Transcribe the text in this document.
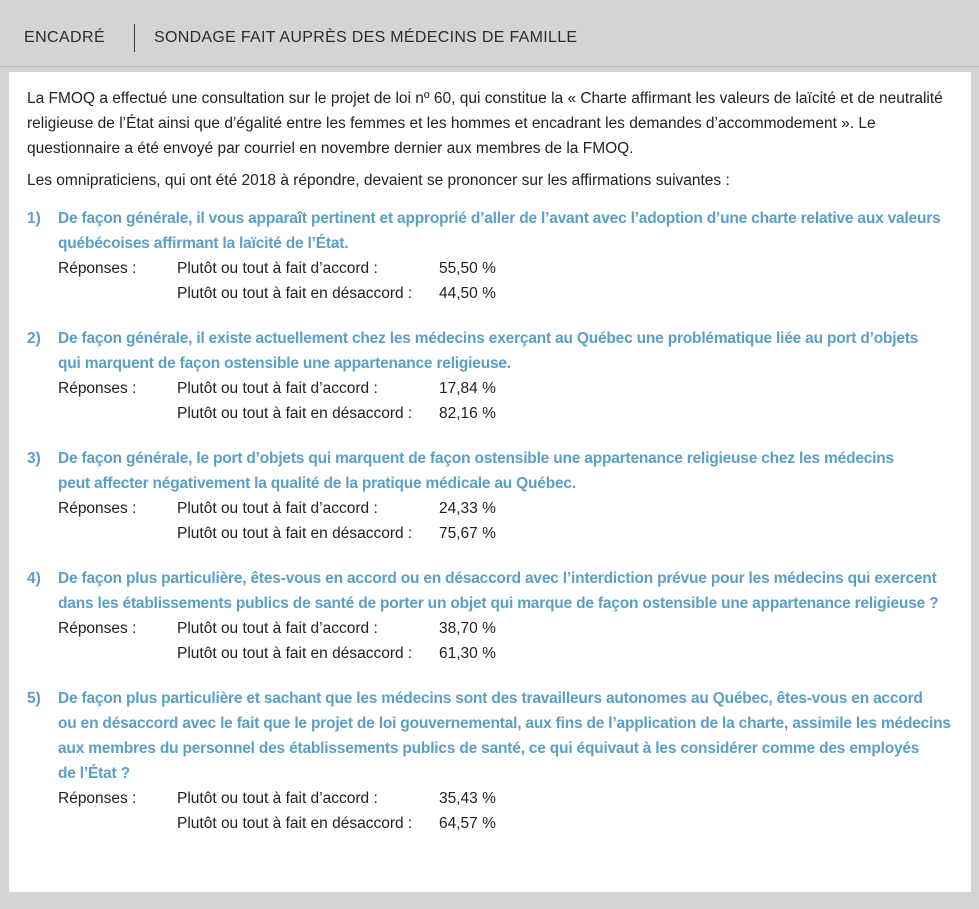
ENCADRÉ	SONDAGE FAIT AUPRÈS DES MÉDECINS DE FAMILLE

La FMOQ a effectué une consultation sur le projet de loi nº 60, qui constitue la « Charte affirmant les valeurs de laïcité et de neutralité religieuse de l’État ainsi que d’égalité entre les femmes et les hommes et encadrant les demandes d’accommodement ». Le questionnaire a été envoyé par courriel en novembre dernier aux membres de la FMOQ.

Les omnipraticiens, qui ont été 2018 à répondre, devaient se prononcer sur les affirmations suivantes :

1)	De façon générale, il vous apparaît pertinent et approprié d’aller de l’avant avec l’adoption d’une charte relative aux valeurs
québécoises affirmant la laïcité de l’État.
Réponses :	Plutôt ou tout à fait d’accord :	55,50 %
Plutôt ou tout à fait en désaccord : 44,50 %
2)	De façon générale, il existe actuellement chez les médecins exerçant au Québec une problématique liée au port d’objets
qui marquent de façon ostensible une appartenance religieuse.
Réponses :	Plutôt ou tout à fait d’accord :	17,84 %
Plutôt ou tout à fait en désaccord : 82,16 %
3)	De façon générale, le port d’objets qui marquent de façon ostensible une appartenance religieuse chez les médecins
peut affecter négativement la qualité de la pratique médicale au Québec.
Réponses :	Plutôt ou tout à fait d’accord :	24,33 %
Plutôt ou tout à fait en désaccord : 75,67 %
4)	De façon plus particulière, êtes-vous en accord ou en désaccord avec l’interdiction prévue pour les médecins qui exercent
dans les établissements publics de santé de porter un objet qui marque de façon ostensible une appartenance religieuse ?
Réponses :	Plutôt ou tout à fait d’accord :	38,70 %
Plutôt ou tout à fait en désaccord : 61,30 %
5)	De façon plus particulière et sachant que les médecins sont des travailleurs autonomes au Québec, êtes-vous en accord
ou en désaccord avec le fait que le projet de loi gouvernemental, aux fins de l’application de la charte, assimile les médecins
aux membres du personnel des établissements publics de santé, ce qui équivaut à les considérer comme des employés
de l’État ?
Réponses :	Plutôt ou tout à fait d’accord :	35,43 %
Plutôt ou tout à fait en désaccord : 64,57 %
